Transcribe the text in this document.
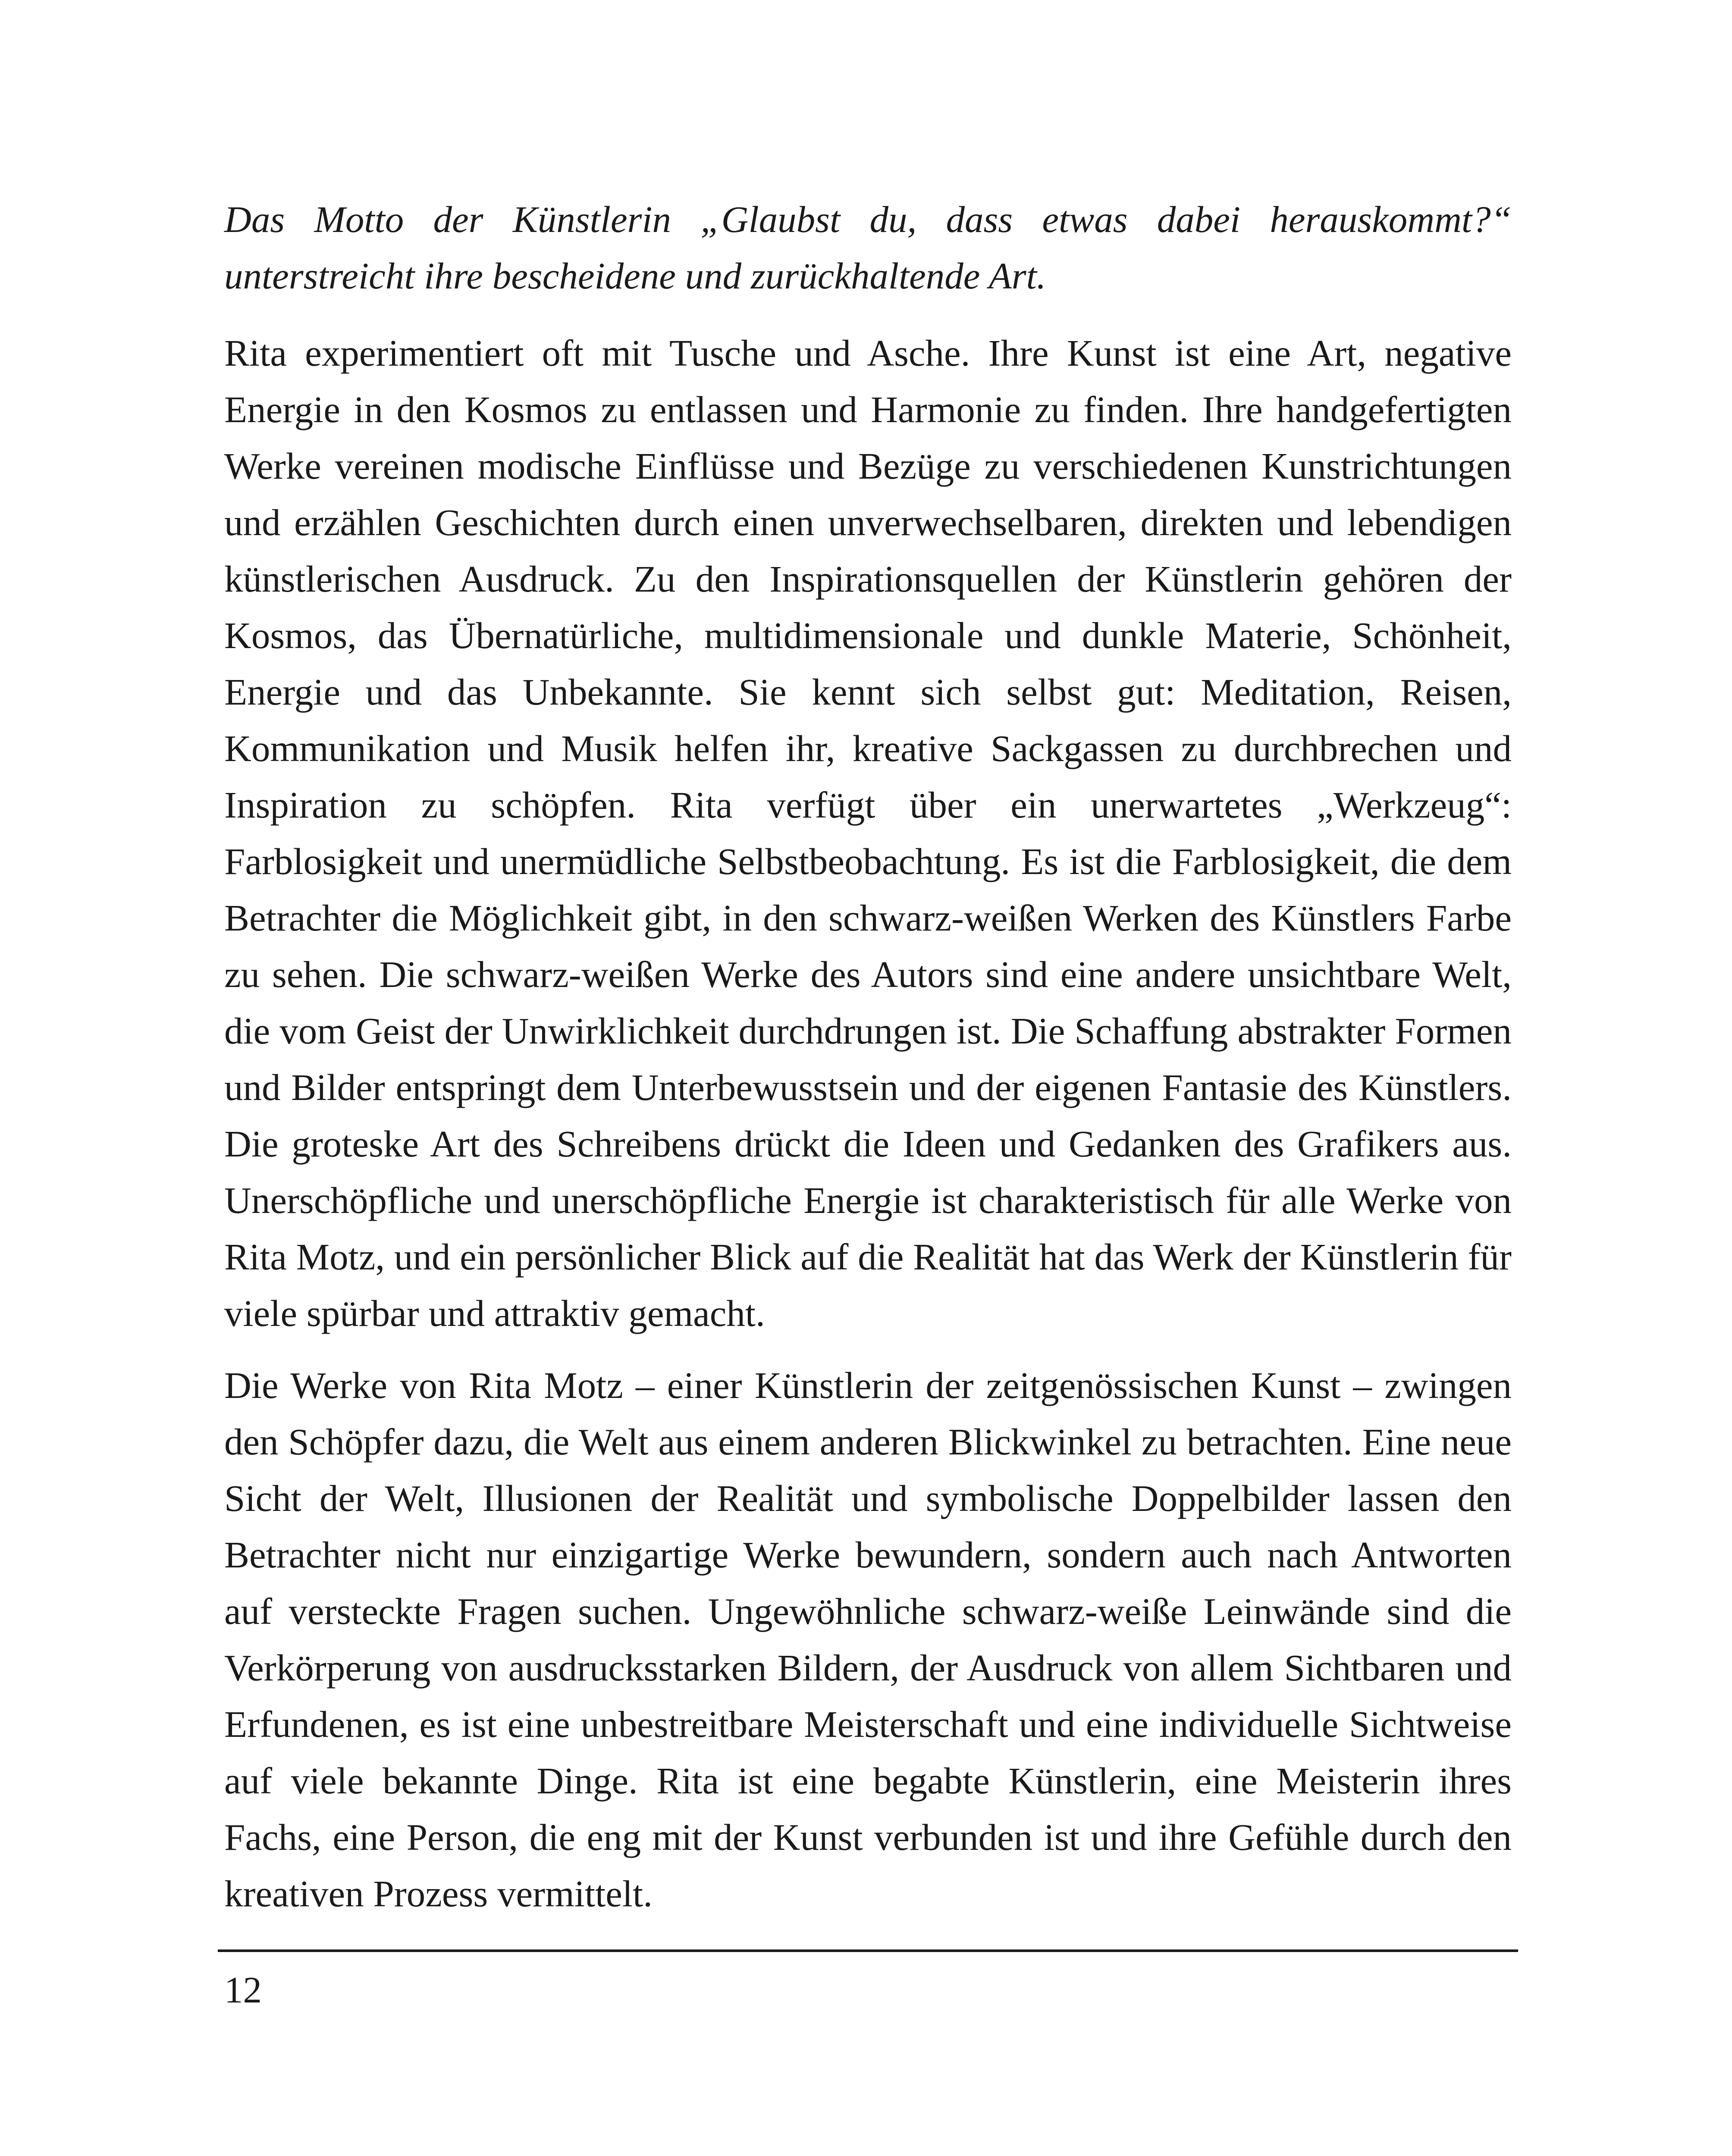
Das Motto der Künstlerin „Glaubst du, dass etwas dabei herauskommt?“ unterstreicht ihre bescheidene und zurückhaltende Art.

Rita experimentiert oft mit Tusche und Asche. Ihre Kunst ist eine Art, negative Energie in den Kosmos zu entlassen und Harmonie zu finden. Ihre handgefertigten Werke vereinen modische Einflüsse und Bezüge zu verschiedenen Kunstrichtungen und erzählen Geschichten durch einen unverwechselbaren, direkten und lebendigen künstlerischen Ausdruck. Zu den Inspirationsquellen der Künstlerin gehören der Kosmos, das Übernatürliche, multidimensionale und dunkle Materie, Schönheit, Energie und das Unbekannte. Sie kennt sich selbst gut: Meditation, Reisen, Kommunikation und Musik helfen ihr, kreative Sackgassen zu durchbrechen und Inspiration zu schöpfen. Rita verfügt über ein unerwartetes „Werkzeug“: Farblosigkeit und unermüdliche Selbstbeobachtung. Es ist die Farblosigkeit, die dem Betrachter die Möglichkeit gibt, in den schwarz-weißen Werken des Künstlers Farbe zu sehen. Die schwarz-weißen Werke des Autors sind eine andere unsichtbare Welt, die vom Geist der Unwirklichkeit durchdrungen ist. Die Schaffung abstrakter Formen und Bilder entspringt dem Unterbewusstsein und der eigenen Fantasie des Künstlers. Die groteske Art des Schreibens drückt die Ideen und Gedanken des Grafikers aus. Unerschöpfliche und unerschöpfliche Energie ist charakteristisch für alle Werke von Rita Motz, und ein persönlicher Blick auf die Realität hat das Werk der Künstlerin für viele spürbar und attraktiv gemacht.

Die Werke von Rita Motz – einer Künstlerin der zeitgenössischen Kunst – zwingen den Schöpfer dazu, die Welt aus einem anderen Blickwinkel zu betrachten. Eine neue Sicht der Welt, Illusionen der Realität und symbolische Doppelbilder lassen den Betrachter nicht nur einzigartige Werke bewundern, sondern auch nach Antworten auf versteckte Fragen suchen. Ungewöhnliche schwarz-weiße Leinwände sind die Verkörperung von ausdrucksstarken Bildern, der Ausdruck von allem Sichtbaren und Erfundenen, es ist eine unbestreitbare Meisterschaft und eine individuelle Sichtweise auf viele bekannte Dinge. Rita ist eine begabte Künstlerin, eine Meisterin ihres Fachs, eine Person, die eng mit der Kunst verbunden ist und ihre Gefühle durch den kreativen Prozess vermittelt.

12
